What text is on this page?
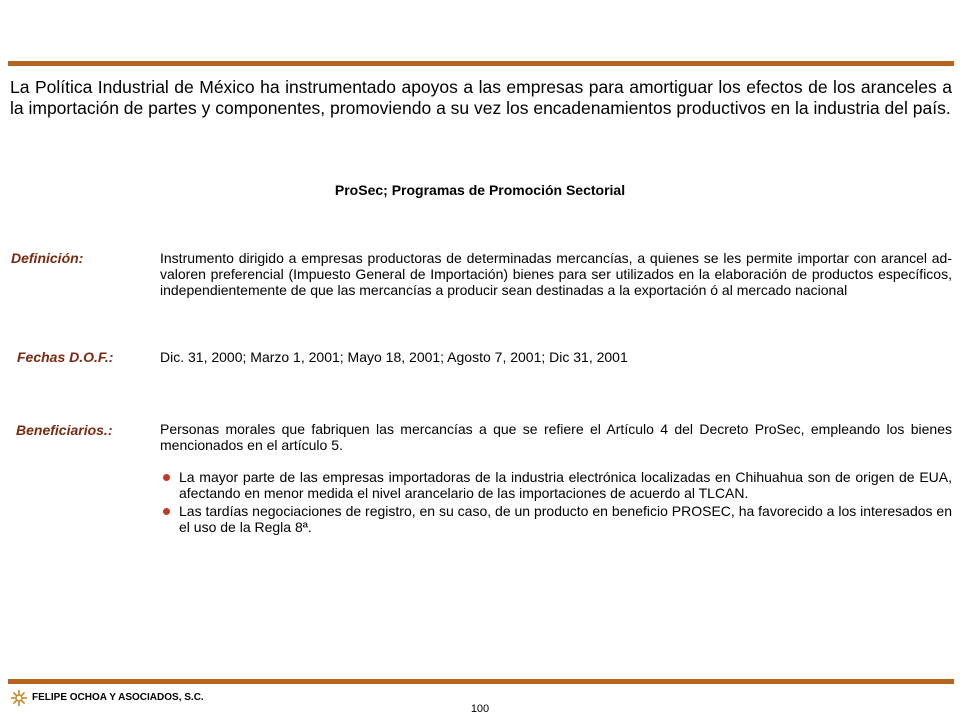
La Política Industrial de México ha instrumentado apoyos a las empresas para amortiguar los efectos de los aranceles a la importación de partes y componentes, promoviendo a su vez los encadenamientos productivos en la industria del país.

ProSec; Programas de Promoción Sectorial

Definición:	Instrumento dirigido a empresas productoras de determinadas mercancías, a quienes se les permite importar con arancel ad-valoren preferencial (Impuesto General de Importación) bienes para ser utilizados en la elaboración de productos específicos, independientemente de que las mercancías a producir sean destinadas a la exportación ó al mercado nacional

Fechas D.O.F.:	Dic. 31, 2000; Marzo 1, 2001; Mayo 18, 2001; Agosto 7, 2001; Dic 31, 2001

Beneficiarios.:	Personas morales que fabriquen las mercancías a que se refiere el Artículo 4 del Decreto ProSec, empleando los bienes mencionados en el artículo 5.

La mayor parte de las empresas importadoras de la industria electrónica localizadas en Chihuahua son de origen de EUA, afectando en menor medida el nivel arancelario de las importaciones de acuerdo al TLCAN.
Las tardías negociaciones de registro, en su caso, de un producto en beneficio PROSEC, ha favorecido a los interesados en el uso de la Regla 8ª.
FELIPE OCHOA Y ASOCIADOS, S.C.
100
